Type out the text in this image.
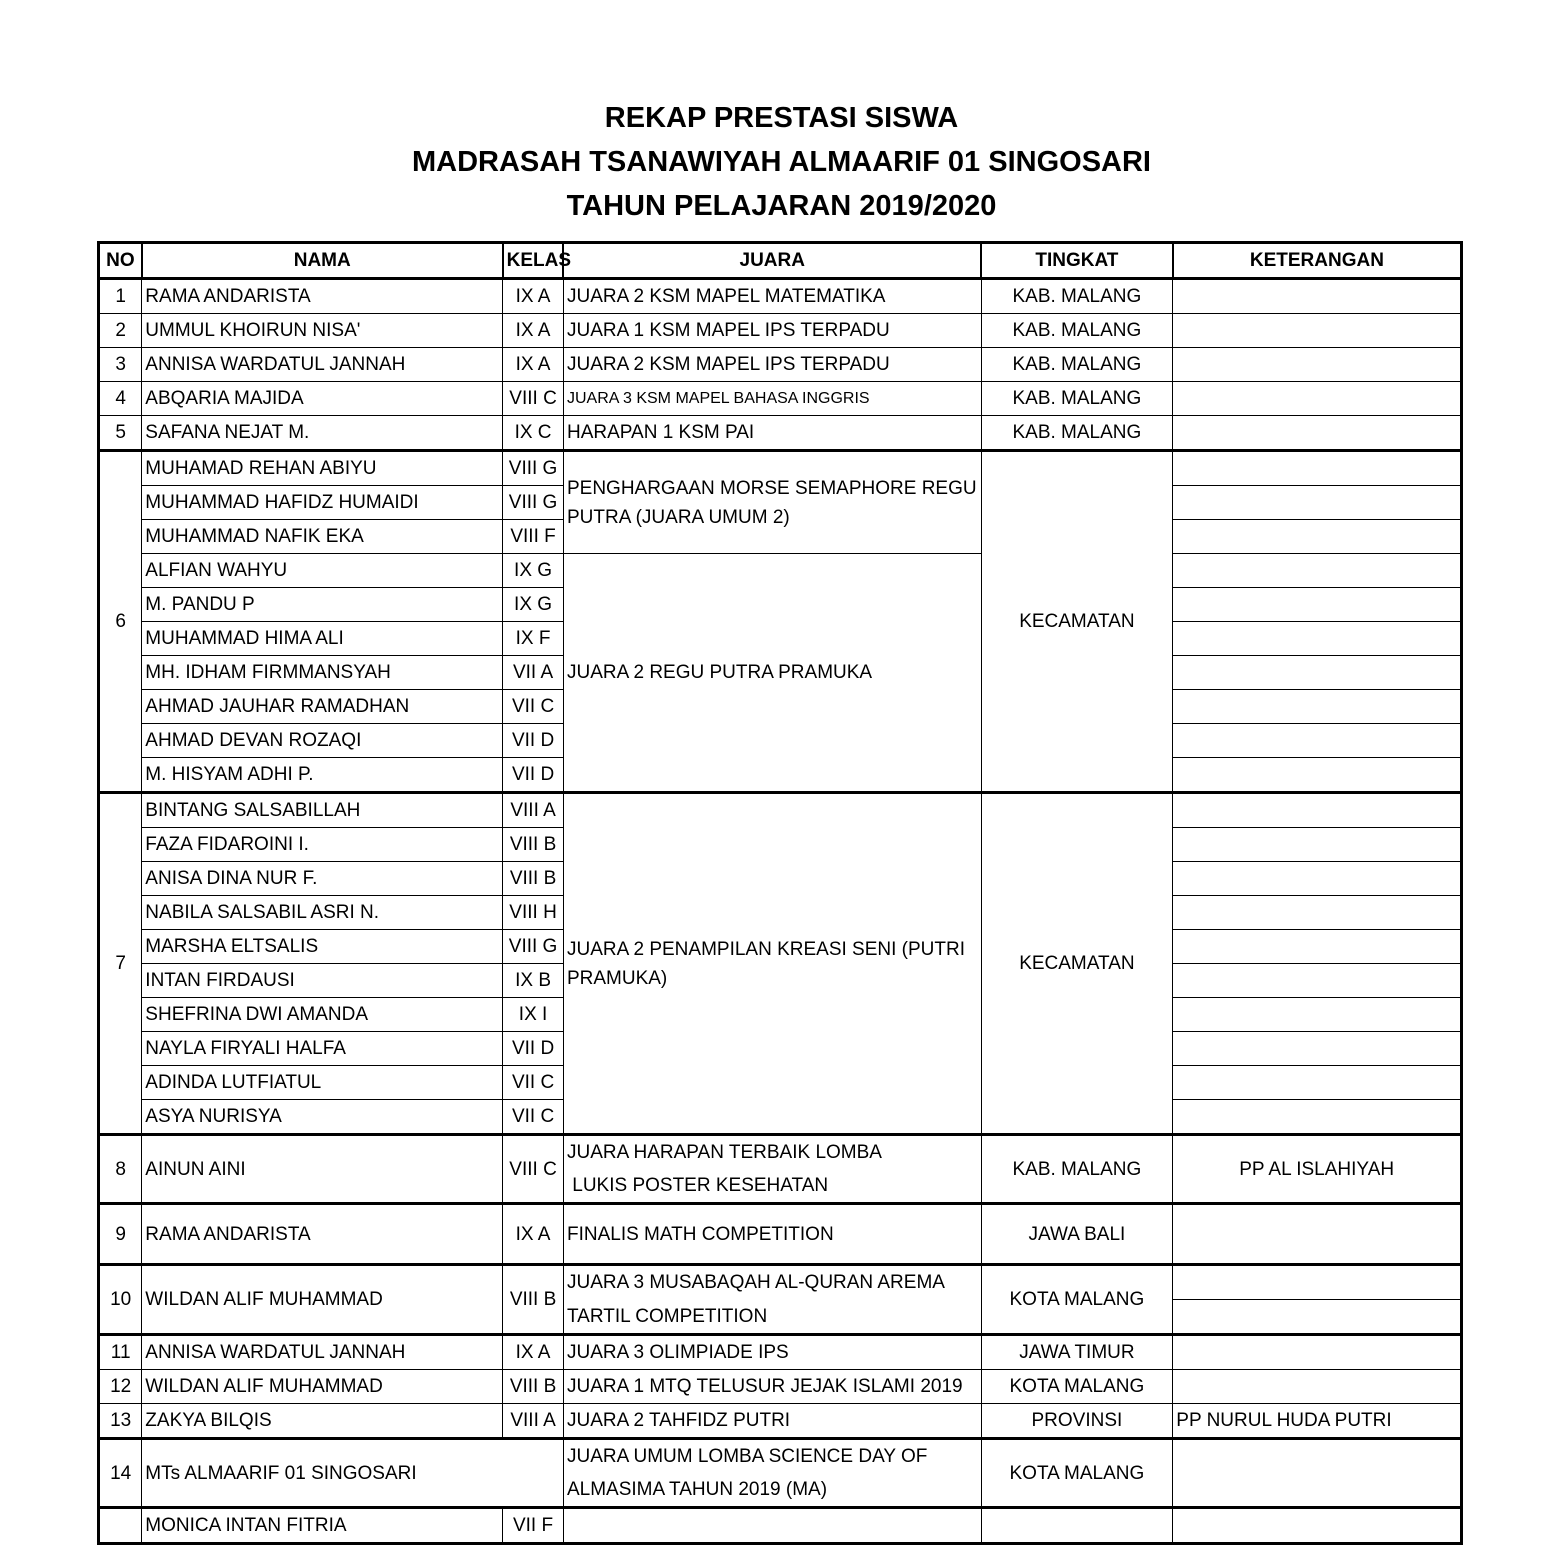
REKAP PRESTASI SISWA
MADRASAH TSANAWIYAH ALMAARIF 01 SINGOSARI
TAHUN PELAJARAN 2019/2020
NO	NAMA	KELAS	JUARA	TINGKAT	KETERANGAN
1	RAMA ANDARISTA	IX A	JUARA 2 KSM MAPEL MATEMATIKA	KAB. MALANG	
2	UMMUL KHOIRUN NISA'	IX A	JUARA 1 KSM MAPEL IPS TERPADU	KAB. MALANG	
3	ANNISA WARDATUL JANNAH	IX A	JUARA 2 KSM MAPEL IPS TERPADU	KAB. MALANG	
4	ABQARIA MAJIDA	VIII C	JUARA 3 KSM MAPEL BAHASA INGGRIS	KAB. MALANG	
5	SAFANA NEJAT M.	IX C	HARAPAN 1 KSM PAI	KAB. MALANG	
6	MUHAMAD REHAN ABIYU	VIII G	PENGHARGAAN MORSE SEMAPHORE REGU PUTRA (JUARA UMUM 2)	KECAMATAN	
	MUHAMMAD HAFIDZ HUMAIDI	VIII G			
	MUHAMMAD NAFIK EKA	VIII F			
	ALFIAN WAHYU	IX G	JUARA 2 REGU PUTRA PRAMUKA		
	M. PANDU P	IX G			
	MUHAMMAD HIMA ALI	IX F			
	MH. IDHAM FIRMMANSYAH	VII A			
	AHMAD JAUHAR RAMADHAN	VII C			
	AHMAD DEVAN ROZAQI	VII D			
	M. HISYAM ADHI P.	VII D			
7	BINTANG SALSABILLAH	VIII A	JUARA 2 PENAMPILAN KREASI SENI (PUTRI PRAMUKA)	KECAMATAN	
	FAZA FIDAROINI I.	VIII B			
	ANISA DINA NUR F.	VIII B			
	NABILA SALSABIL ASRI N.	VIII H			
	MARSHA ELTSALIS	VIII G			
	INTAN FIRDAUSI	IX B			
	SHEFRINA DWI AMANDA	IX I			
	NAYLA FIRYALI HALFA	VII D			
	ADINDA LUTFIATUL	VII C			
	ASYA NURISYA	VII C			
8	AINUN AINI	VIII C	JUARA HARAPAN TERBAIK LOMBA
LUKIS POSTER KESEHATAN	KAB. MALANG	PP AL ISLAHIYAH
9	RAMA ANDARISTA	IX A	FINALIS MATH COMPETITION	JAWA BALI	
10	WILDAN ALIF MUHAMMAD	VIII B	JUARA 3 MUSABAQAH AL-QURAN AREMA	KOTA MALANG	
			TARTIL COMPETITION		
11	ANNISA WARDATUL JANNAH	IX A	JUARA 3 OLIMPIADE IPS	JAWA TIMUR	
12	WILDAN ALIF MUHAMMAD	VIII B	JUARA 1 MTQ TELUSUR JEJAK ISLAMI 2019	KOTA MALANG	
13	ZAKYA BILQIS	VIII A	JUARA 2 TAHFIDZ PUTRI	PROVINSI	PP NURUL HUDA PUTRI
14	MTs ALMAARIF 01 SINGOSARI		JUARA UMUM LOMBA SCIENCE DAY OF
ALMASIMA TAHUN 2019 (MA)	KOTA MALANG	
	MONICA INTAN FITRIA	VII F			
